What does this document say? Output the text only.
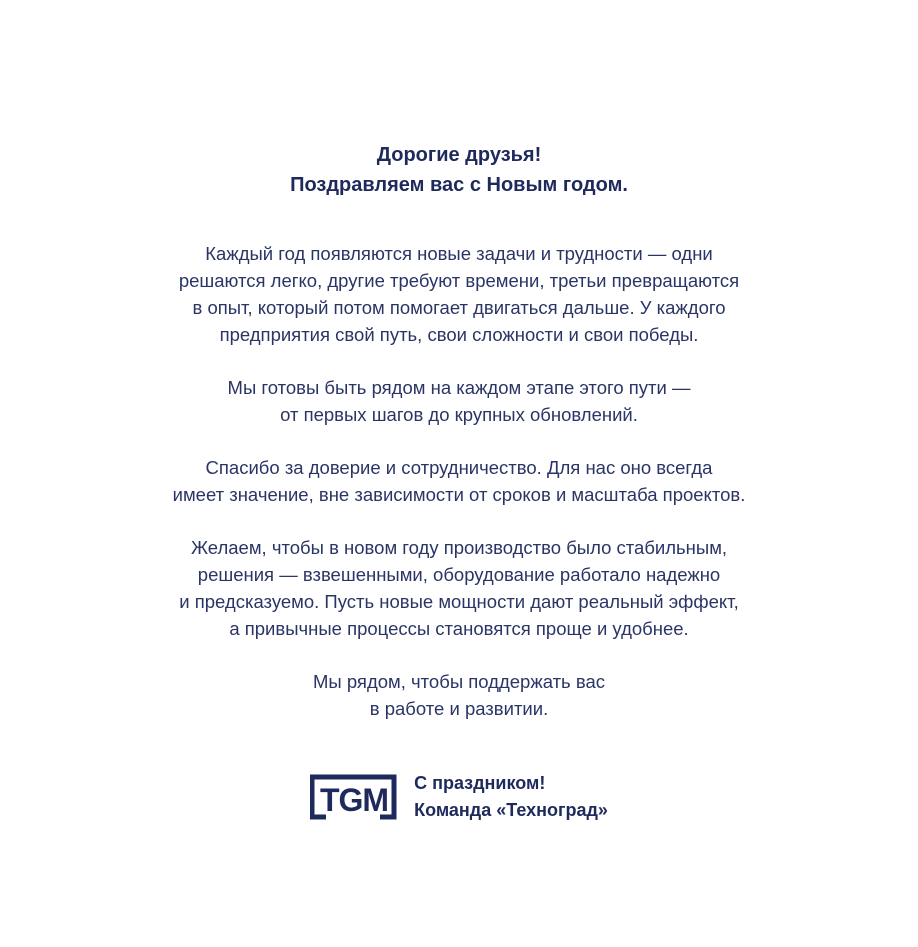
Дорогие друзья!
Поздравляем вас с Новым годом.

Каждый год появляются новые задачи и трудности — одни
решаются легко, другие требуют времени, третьи превращаются
в опыт, который потом помогает двигаться дальше. У каждого
предприятия свой путь, свои сложности и свои победы.

Мы готовы быть рядом на каждом этапе этого пути —
от первых шагов до крупных обновлений.

Спасибо за доверие и сотрудничество. Для нас оно всегда
имеет значение, вне зависимости от сроков и масштаба проектов.

Желаем, чтобы в новом году производство было стабильным,
решения — взвешенными, оборудование работало надежно
и предсказуемо. Пусть новые мощности дают реальный эффект,
а привычные процессы становятся проще и удобнее.

Мы рядом, чтобы поддержать вас
в работе и развитии.

TGM С праздником!
Команда «Техноград»
